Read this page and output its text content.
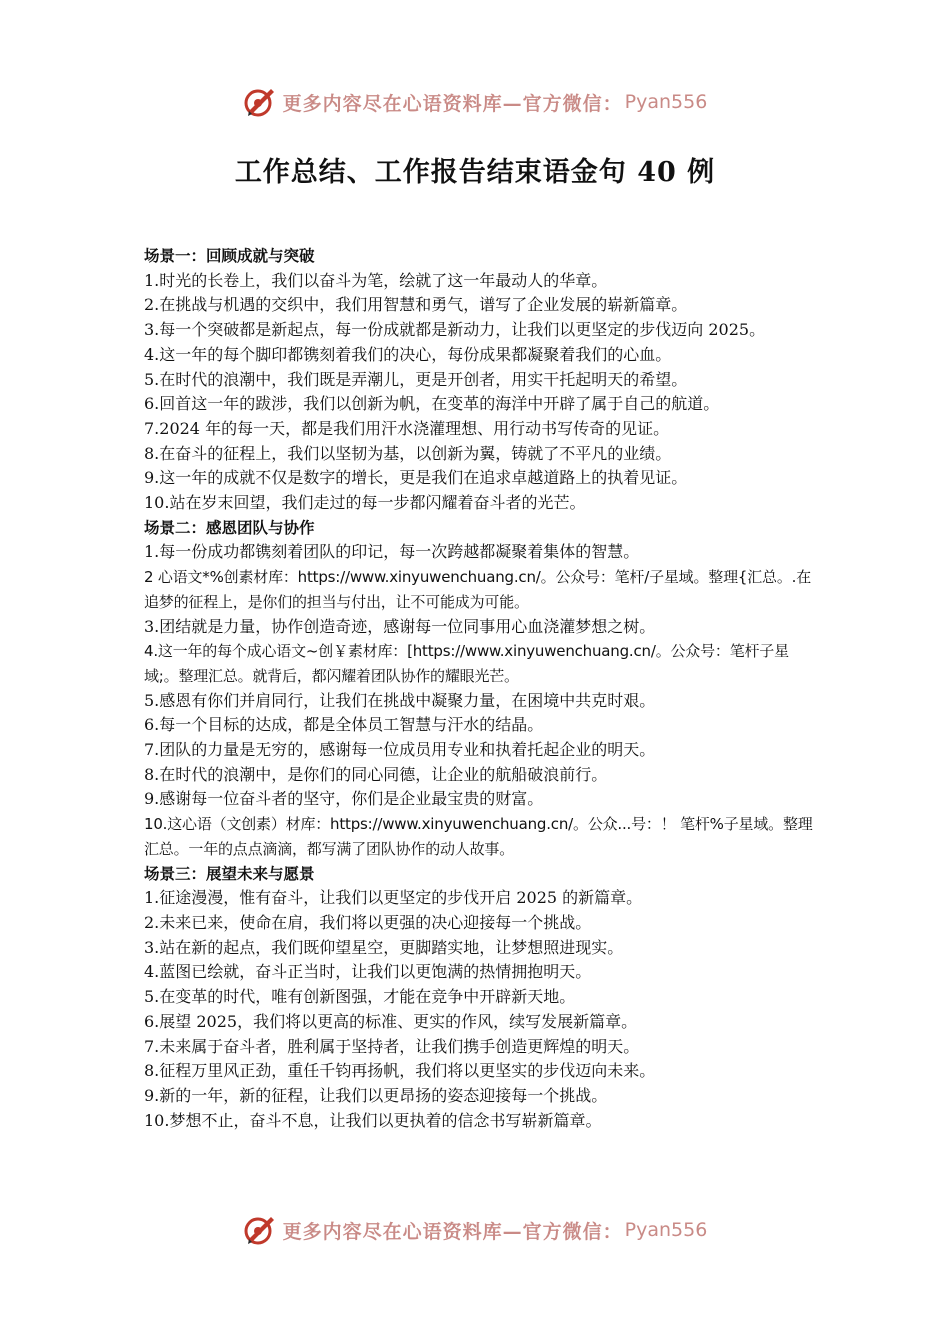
更多内容尽在心语资料库—官方微信： Pyan556
工作总结、工作报告结束语金句 40 例
场景一：回顾成就与突破
1.时光的长卷上，我们以奋斗为笔，绘就了这一年最动人的华章。
2.在挑战与机遇的交织中，我们用智慧和勇气，谱写了企业发展的崭新篇章。
3.每一个突破都是新起点，每一份成就都是新动力，让我们以更坚定的步伐迈向 2025。
4.这一年的每个脚印都镌刻着我们的决心，每份成果都凝聚着我们的心血。
5.在时代的浪潮中，我们既是弄潮儿，更是开创者，用实干托起明天的希望。
6.回首这一年的跋涉，我们以创新为帆，在变革的海洋中开辟了属于自己的航道。
7.2024 年的每一天，都是我们用汗水浇灌理想、用行动书写传奇的见证。
8.在奋斗的征程上，我们以坚韧为基，以创新为翼，铸就了不平凡的业绩。
9.这一年的成就不仅是数字的增长，更是我们在追求卓越道路上的执着见证。
10.站在岁末回望，我们走过的每一步都闪耀着奋斗者的光芒。
场景二：感恩团队与协作
1.每一份成功都镌刻着团队的印记，每一次跨越都凝聚着集体的智慧。
2 心语文*%创素材库：https://www.xinyuwenchuang.cn/。公众号：笔杆/子星域。整理{汇总。.在追梦的征程上，是你们的担当与付出，让不可能成为可能。
3.团结就是力量，协作创造奇迹，感谢每一位同事用心血浇灌梦想之树。
4.这一年的每个成心语文~创￥素材库：[https://www.xinyuwenchuang.cn/。公众号：笔杆子星域;。整理汇总。就背后，都闪耀着团队协作的耀眼光芒。
5.感恩有你们并肩同行，让我们在挑战中凝聚力量，在困境中共克时艰。
6.每一个目标的达成，都是全体员工智慧与汗水的结晶。
7.团队的力量是无穷的，感谢每一位成员用专业和执着托起企业的明天。
8.在时代的浪潮中，是你们的同心同德，让企业的航船破浪前行。
9.感谢每一位奋斗者的坚守，你们是企业最宝贵的财富。
10.这心语（文创素）材库：https://www.xinyuwenchuang.cn/。公众...号：！ 笔杆%子星域。整理汇总。一年的点点滴滴，都写满了团队协作的动人故事。
场景三：展望未来与愿景
1.征途漫漫，惟有奋斗，让我们以更坚定的步伐开启 2025 的新篇章。
2.未来已来，使命在肩，我们将以更强的决心迎接每一个挑战。
3.站在新的起点，我们既仰望星空，更脚踏实地，让梦想照进现实。
4.蓝图已绘就，奋斗正当时，让我们以更饱满的热情拥抱明天。
5.在变革的时代，唯有创新图强，才能在竞争中开辟新天地。
6.展望 2025，我们将以更高的标准、更实的作风，续写发展新篇章。
7.未来属于奋斗者，胜利属于坚持者，让我们携手创造更辉煌的明天。
8.征程万里风正劲，重任千钧再扬帆，我们将以更坚实的步伐迈向未来。
9.新的一年，新的征程，让我们以更昂扬的姿态迎接每一个挑战。
10.梦想不止，奋斗不息，让我们以更执着的信念书写崭新篇章。
更多内容尽在心语资料库—官方微信： Pyan556
